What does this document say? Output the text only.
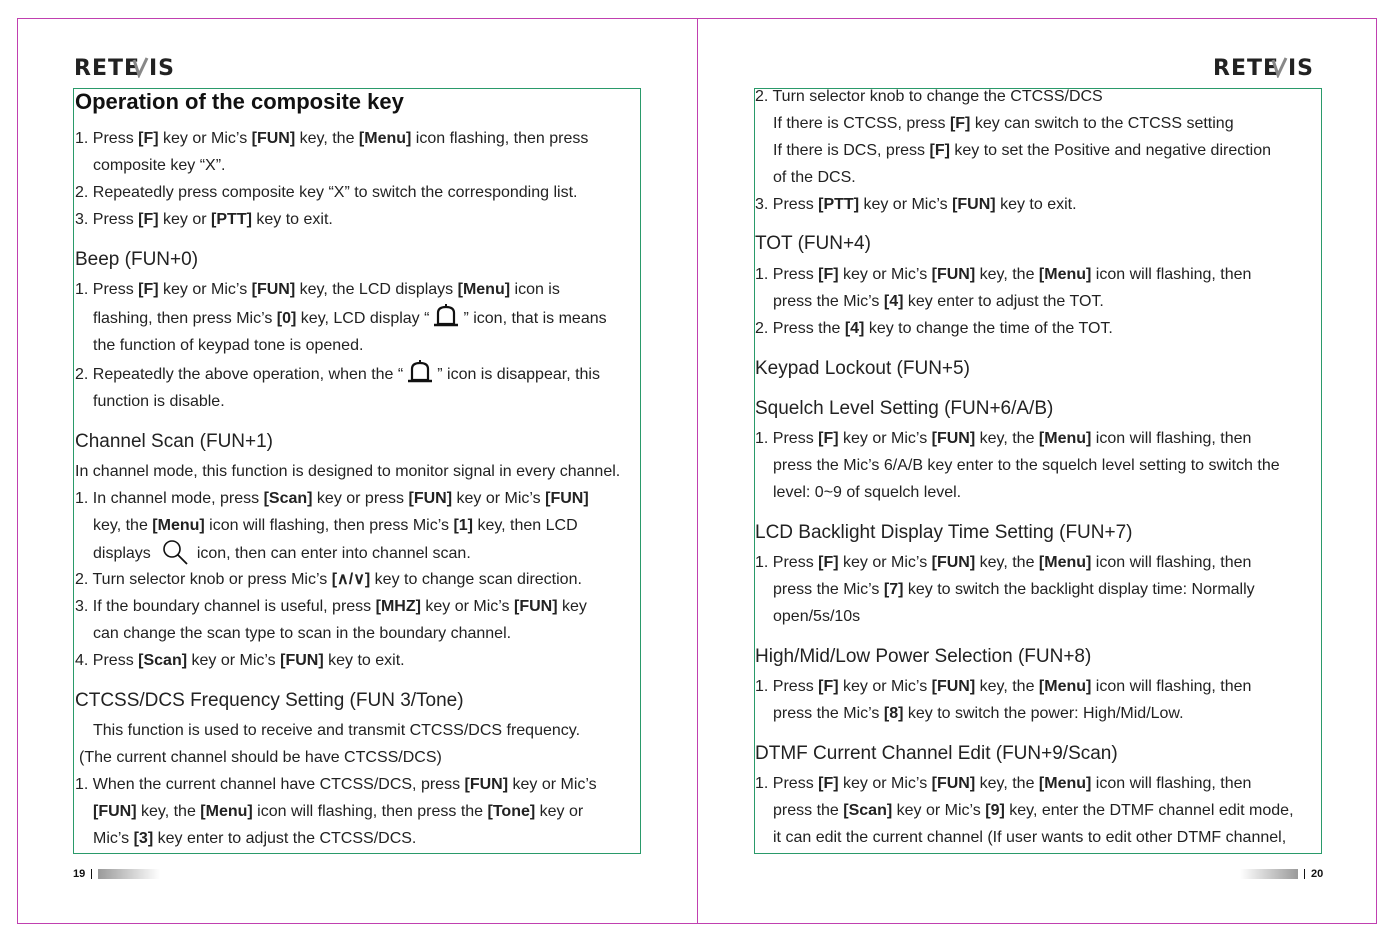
RETE IS	RETE IS
Operation of the composite key
1. Press [F] key or Mic’s [FUN] key, the [Menu] icon flashing, then press
composite key “X”.
2. Repeatedly press composite key “X” to switch the corresponding list.
3. Press [F] key or [PTT] key to exit.
Beep (FUN+0)
1. Press [F] key or Mic’s [FUN] key, the LCD displays [Menu] icon is
flashing, then press Mic’s [0] key, LCD display “ ” icon, that is means
the function of keypad tone is opened.
2. Repeatedly the above operation, when the “ ” icon is disappear, this
function is disable.
Channel Scan (FUN+1)
In channel mode, this function is designed to monitor signal in every channel.
1. In channel mode, press [Scan] key or press [FUN] key or Mic’s [FUN]
key, the [Menu] icon will flashing, then press Mic’s [1] key, then LCD
displays	icon, then can enter into channel scan.
2. Turn selector knob or press Mic’s [∧/∨] key to change scan direction.
3. If the boundary channel is useful, press [MHZ] key or Mic’s [FUN] key
can change the scan type to scan in the boundary channel.
4. Press [Scan] key or Mic’s [FUN] key to exit.
CTCSS/DCS Frequency Setting (FUN 3/Tone)
This function is used to receive and transmit CTCSS/DCS frequency.
(The current channel should be have CTCSS/DCS)
1. When the current channel have CTCSS/DCS, press [FUN] key or Mic’s
[FUN] key, the [Menu] icon will flashing, then press the [Tone] key or
Mic’s [3] key enter to adjust the CTCSS/DCS.
19
2. Turn selector knob to change the CTCSS/DCS
If there is CTCSS, press [F] key can switch to the CTCSS setting
If there is DCS, press [F] key to set the Positive and negative direction
of the DCS.
3. Press [PTT] key or Mic’s [FUN] key to exit.
TOT (FUN+4)
1. Press [F] key or Mic’s [FUN] key, the [Menu] icon will flashing, then
press the Mic’s [4] key enter to adjust the TOT.
2. Press the [4] key to change the time of the TOT.
Keypad Lockout (FUN+5)
Squelch Level Setting (FUN+6/A/B)
1. Press [F] key or Mic’s [FUN] key, the [Menu] icon will flashing, then
press the Mic’s 6/A/B key enter to the squelch level setting to switch the
level: 0~9 of squelch level.
LCD Backlight Display Time Setting (FUN+7)
1. Press [F] key or Mic’s [FUN] key, the [Menu] icon will flashing, then
press the Mic’s [7] key to switch the backlight display time: Normally
open/5s/10s
High/Mid/Low Power Selection (FUN+8)
1. Press [F] key or Mic’s [FUN] key, the [Menu] icon will flashing, then
press the Mic’s [8] key to switch the power: High/Mid/Low.
DTMF Current Channel Edit (FUN+9/Scan)
1. Press [F] key or Mic’s [FUN] key, the [Menu] icon will flashing, then
press the [Scan] key or Mic’s [9] key, enter the DTMF channel edit mode,
it can edit the current channel (If user wants to edit other DTMF channel,
20
